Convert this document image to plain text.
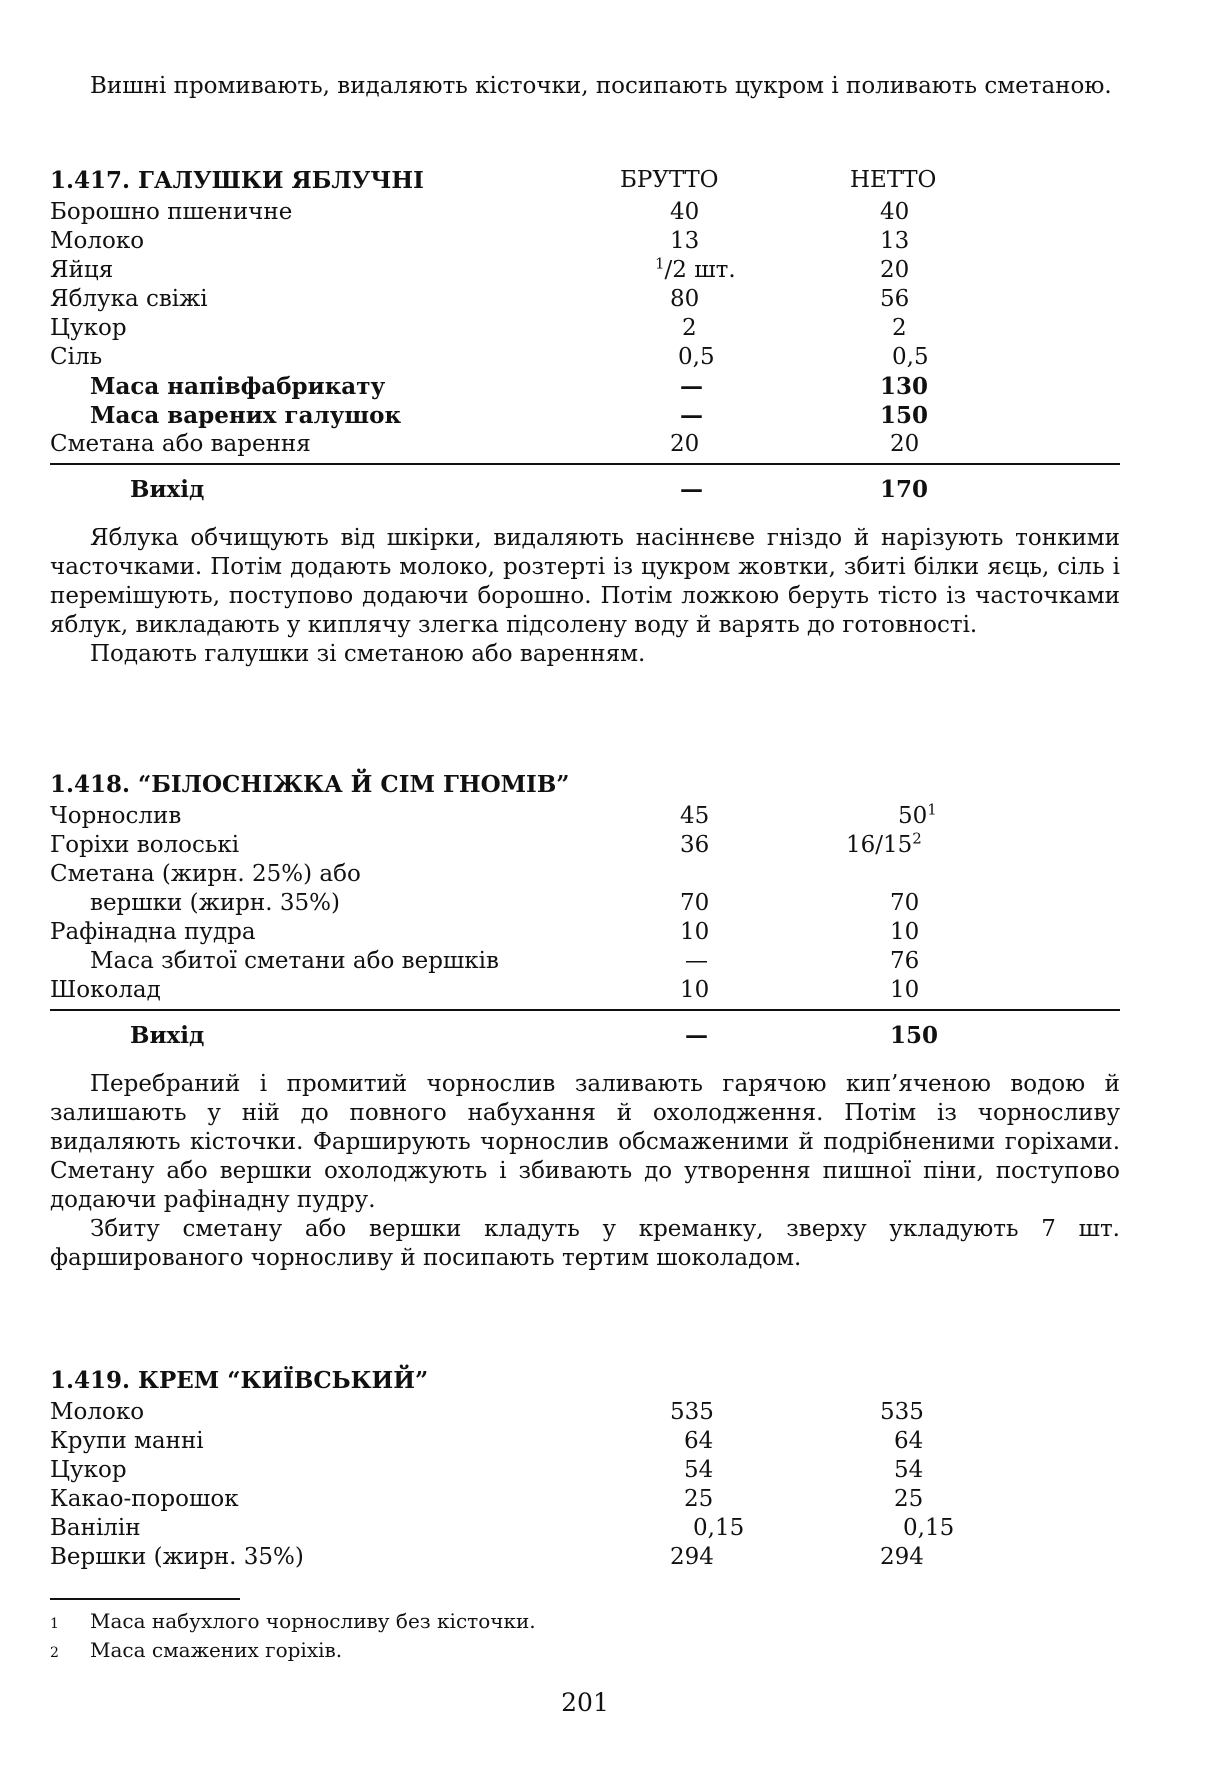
Вишні промивають, видаляють кісточки, посипають цукром і поливають сметаною.

1.417. ГАЛУШКИ ЯБЛУЧНІ	БРУТТО	НЕТТО
Борошно пшеничне	40	40
Молоко	13	13
Яйця	$^1$/2 шт.	20
Яблука свіжі	80	56
Цукор	2	2
Сіль	0,5	0,5
Маса напівфабрикату	—	130
Маса варених галушок	—	150
Сметана або варення	20	20
Вихід	—	170

Яблука обчищують від шкірки, видаляють насіннєве гніздо й нарізують тонкими часточками. Потім додають молоко, розтерті із цукром жовтки, збиті білки яєць, сіль і перемішують, поступово додаючи борошно. Потім ложкою беруть тісто із часточками яблук, викладають у киплячу злегка підсолену воду й варять до готовності.

Подають галушки зі сметаною або варенням.

1.418. “БІЛОСНІЖКА Й СІМ ГНОМІВ”
Чорнослив	45	$50^1$
Горіхи волоські	36	$16/15^2$
Сметана (жирн. 25%) або
вершки (жирн. 35%)	70	70
Рафінадна пудра	10	10
Маса збитої сметани або вершків	—	76
Шоколад	10	10
Вихід	—	150

Перебраний і промитий чорнослив заливають гарячою кип’яченою водою й залишають у ній до повного набухання й охолодження. Потім із чорносливу видаляють кісточки. Фарширують чорнослив обсмаженими й подрібненими горіхами. Сметану або вершки охолоджують і збивають до утворення пишної піни, поступово додаючи рафінадну пудру.

Збиту сметану або вершки кладуть у креманку, зверху укладують 7 шт. фаршированого чорносливу й посипають тертим шоколадом.

1.419. КРЕМ “КИЇВСЬКИЙ”
Молоко	535	535
Крупи манні	64	64
Цукор	54	54
Какао-порошок	25	25
Ванілін	0,15	0,15
Вершки (жирн. 35%)	294	294
1 Маса набухлого чорносливу без кісточки.
2 Маса смажених горіхів.
201
